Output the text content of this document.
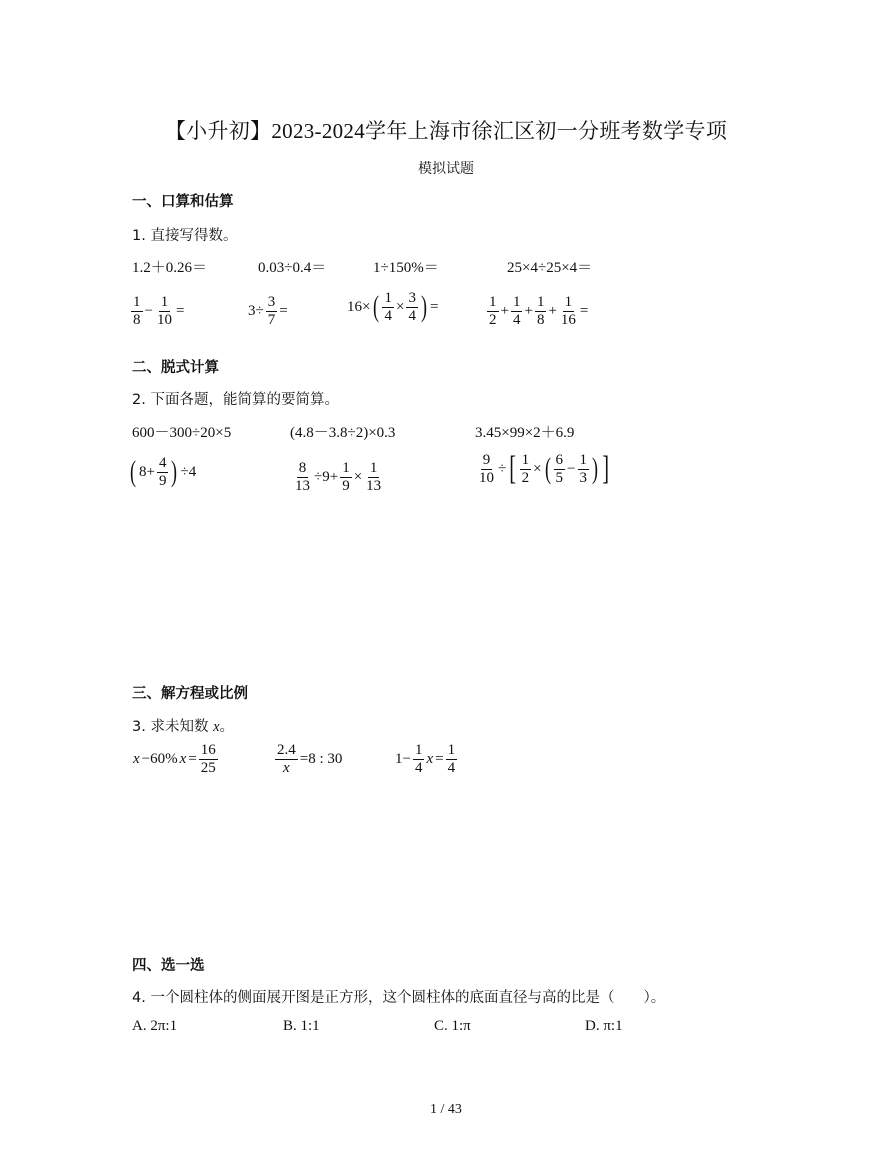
【小升初】2023-2024学年上海市徐汇区初一分班考数学专项
模拟试题
一、口算和估算
1. 直接写得数。
1.2＋0.26＝	0.03÷0.4＝	1÷150%＝	25×4÷25×4＝
$\frac{1}{8} - \frac{1}{10}$ =	$3\div \frac{3}{7}$ =	16× ( $\frac{1}{4} \times \frac{3}{4}$ ) =	$\frac{1}{2} + \frac{1}{4} + \frac{1}{8} + \frac{1}{16}$ =
二、脱式计算
2. 下面各题，能简算的要简算。
600－300÷20×5	(4.8－3.8÷2)×0.3	3.45×99×2＋6.9
( $8+ \frac{4}{9}$ ) ÷4	$\frac{8}{13} \div 9+ \frac{1}{9} \times \frac{1}{13}$	$\frac{9}{10}$ ÷[ $\frac{1}{2}$ × ( $\frac{6}{5} - \frac{1}{3}$ ) ]
三、解方程或比例
3. 求未知数 x。
x −60% $x = \frac{16}{25}$	$\frac{2.4}{x} =8$ : 30	$1- \frac{1}{4}$ $x = \frac{1}{4}$
四、选一选
4. 一个圆柱体的侧面展开图是正方形，这个圆柱体的底面直径与高的比是（　　）。
A. 2π:1	B. 1:1	C. 1:π	D. π:1
1 / 43
